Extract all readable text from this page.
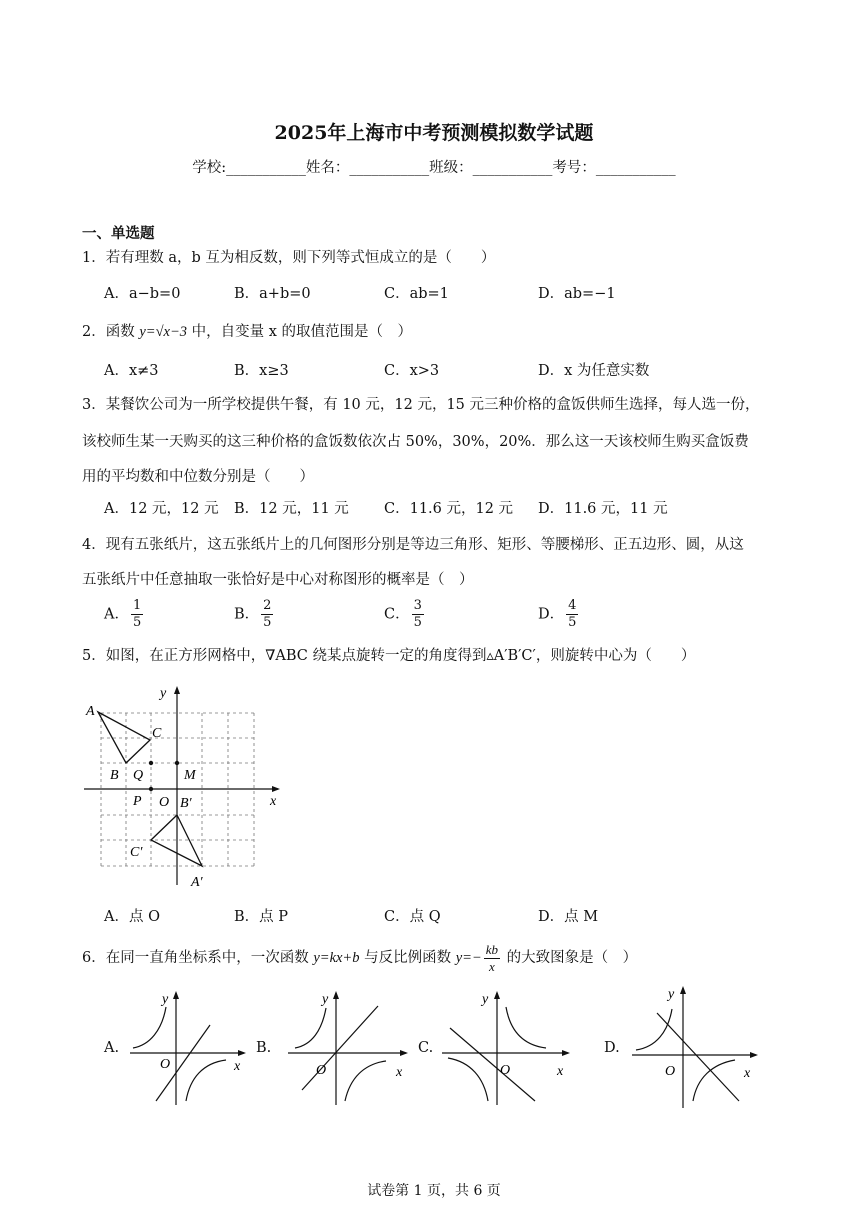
2025年上海市中考预测模拟数学试题
学校:___________姓名：___________班级：___________考号：___________
一、单选题
1．若有理数 a，b 互为相反数，则下列等式恒成立的是（　　）
A．a−b=0	B．a+b=0	C．ab=1	D．ab=−1
2．函数 y=√x−3 中，自变量 x 的取值范围是（　）
A．x≠3	B．x≥3	C．x>3	D．x 为任意实数
3．某餐饮公司为一所学校提供午餐，有 10 元，12 元，15 元三种价格的盒饭供师生选择，每人选一份，
该校师生某一天购买的这三种价格的盒饭数依次占 50%，30%，20%．那么这一天该校师生购买盒饭费
用的平均数和中位数分别是（　　）
A．12 元，12 元 B．12 元，11 元 C．11.6 元，12 元 D．11.6 元，11 元
4．现有五张纸片，这五张纸片上的几何图形分别是等边三角形、矩形、等腰梯形、正五边形、圆，从这
五张纸片中任意抽取一张恰好是中心对称图形的概率是（　）
A． $\frac{1}{5}$	B． $\frac{2}{5}$	C． $\frac{3}{5}$	D． $\frac{4}{5}$
5．如图，在正方形网格中，∇ABC 绕某点旋转一定的角度得到▵A′B′C′，则旋转中心为（　　）
y
x
A
C
B Q	M
P O B′
C′
A′
A．点 O	B．点 P	C．点 Q	D．点 M
6．在同一直角坐标系中，一次函数 y=kx+b 与反比例函数 $y=- \frac{kb}{x}$ 的大致图象是（　）
A.	B.	C.	D.
y
x
O
y
x
O
y
x
O
y
x
O
试卷第 1 页，共 6 页
